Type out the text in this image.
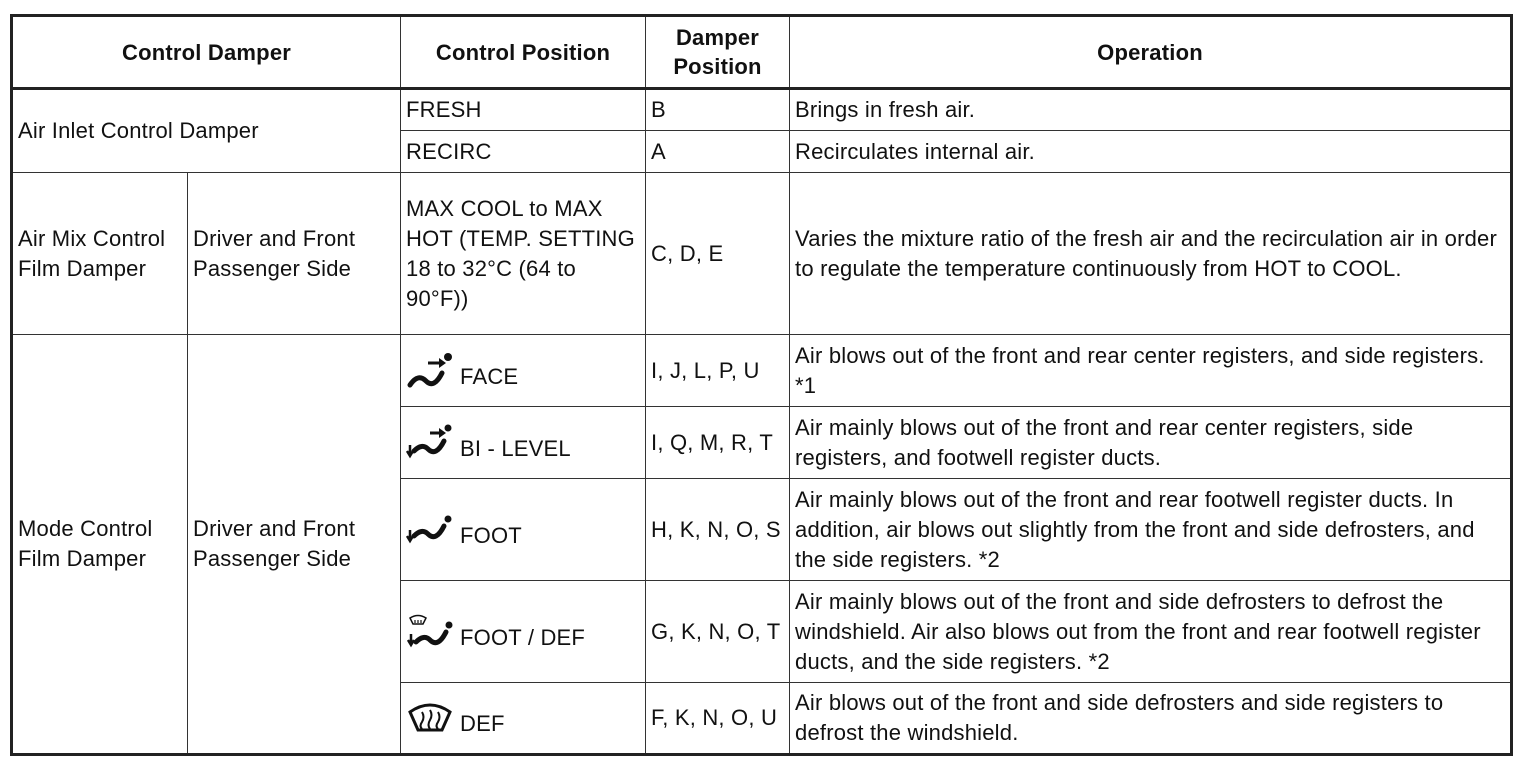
Control Damper		Control Position	Damper Position	Operation
Air Inlet Control Damper		FRESH	B	Brings in fresh air.
		RECIRC	A	Recirculates internal air.
Air Mix Control Film Damper	Driver and Front Passenger Side	MAX COOL to MAX HOT (TEMP. SETTING 18 to 32°C (64 to 90°F))	C, D, E	Varies the mixture ratio of the fresh air and the recirculation air in order to regulate the temperature continuously from HOT to COOL.
Mode Control Film Damper	Driver and Front Passenger Side	FACE	I, J, L, P, U	Air blows out of the front and rear center registers, and side registers. *1

		BI - LEVEL	I, Q, M, R, T	Air mainly blows out of the front and rear center registers, side registers, and footwell register ducts.

		FOOT	H, K, N, O, S	Air mainly blows out of the front and rear footwell register ducts. In addition, air blows out slightly from the front and side defrosters, and the side registers. *2

		FOOT / DEF	G, K, N, O, T	Air mainly blows out of the front and side defrosters to defrost the windshield. Air also blows out from the front and rear footwell register ducts, and the side registers. *2

		DEF	F, K, N, O, U	Air blows out of the front and side defrosters and side registers to defrost the windshield.
